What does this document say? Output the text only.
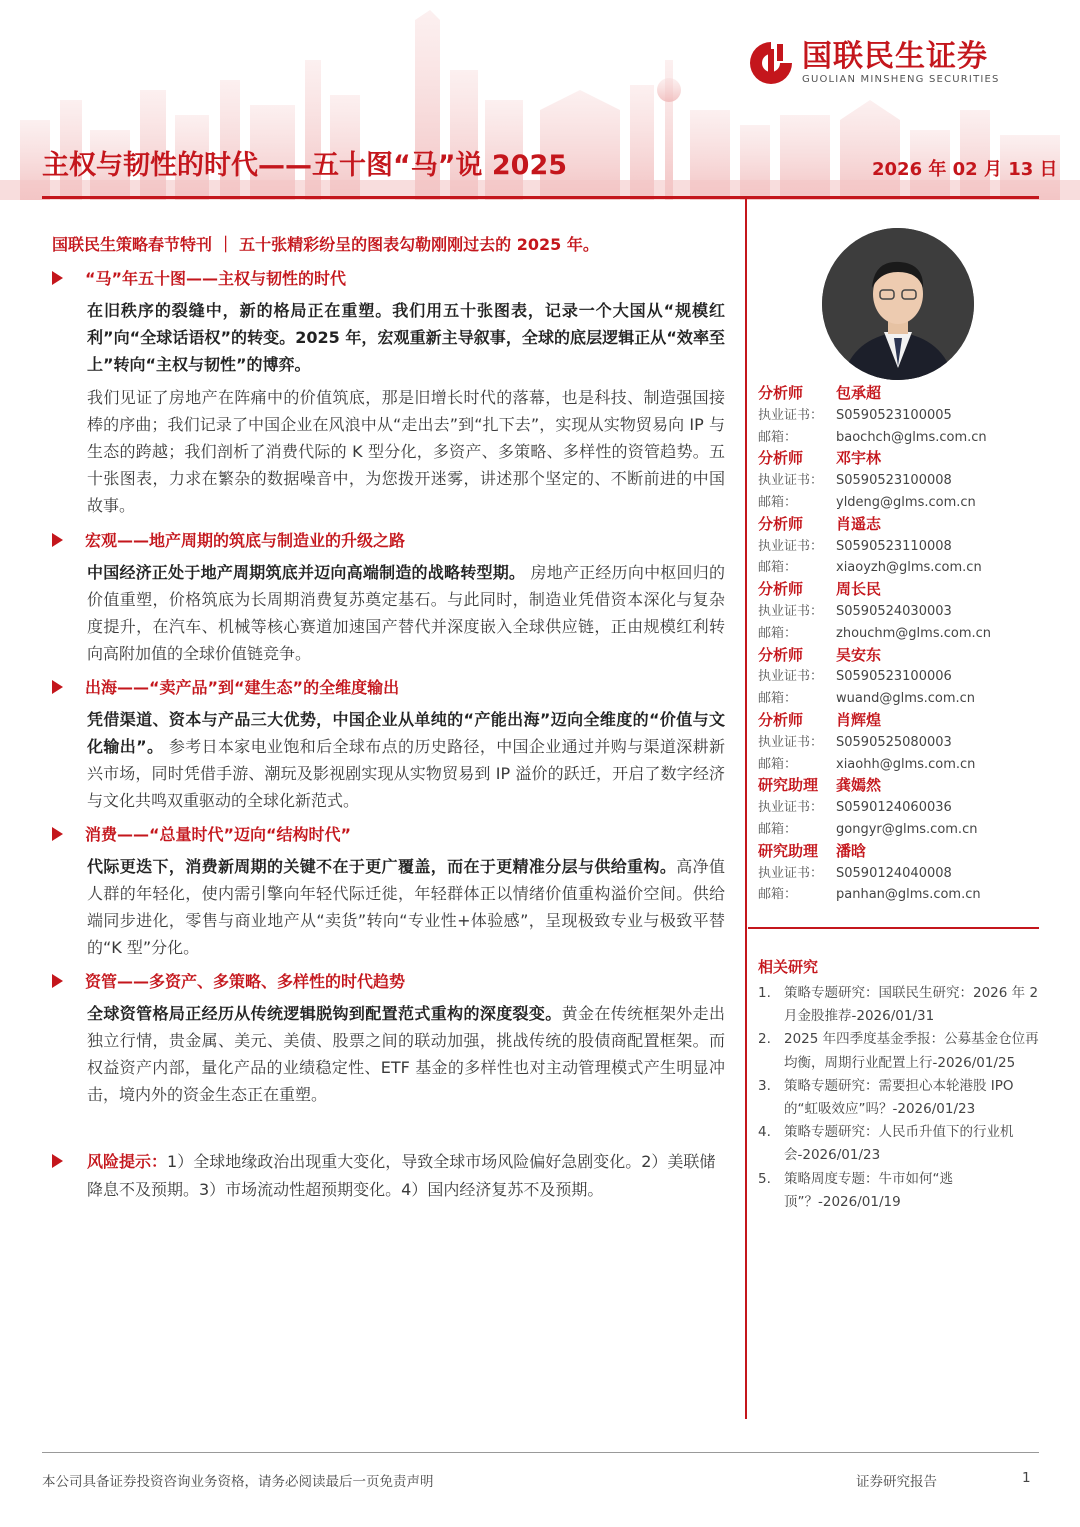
国联民生证券
GUOLIAN MINSHENG SECURITIES
主权与韧性的时代——五十图“马”说 2025	2026 年 02 月 13 日
国联民生策略春节特刊 ｜ 五十张精彩纷呈的图表勾勒刚刚过去的 2025 年。
“马”年五十图——主权与韧性的时代
在旧秩序的裂缝中，新的格局正在重塑。我们用五十张图表，记录一个大国从“规模红利”向“全球话语权”的转变。2025 年，宏观重新主导叙事，全球的底层逻辑正从“效率至上”转向“主权与韧性”的博弈。
我们见证了房地产在阵痛中的价值筑底，那是旧增长时代的落幕，也是科技、制造强国接棒的序曲；我们记录了中国企业在风浪中从“走出去”到“扎下去”，实现从实物贸易向 IP 与生态的跨越；我们剖析了消费代际的 K 型分化，多资产、多策略、多样性的资管趋势。五十张图表，力求在繁杂的数据噪音中，为您拨开迷雾，讲述那个坚定的、不断前进的中国故事。
宏观——地产周期的筑底与制造业的升级之路
中国经济正处于地产周期筑底并迈向高端制造的战略转型期。 房地产正经历向中枢回归的价值重塑，价格筑底为长周期消费复苏奠定基石。与此同时，制造业凭借资本深化与复杂度提升，在汽车、机械等核心赛道加速国产替代并深度嵌入全球供应链，正由规模红利转向高附加值的全球价值链竞争。
出海——“卖产品”到“建生态”的全维度输出
凭借渠道、资本与产品三大优势，中国企业从单纯的“产能出海”迈向全维度的“价值与文化输出”。 参考日本家电业饱和后全球布点的历史路径，中国企业通过并购与渠道深耕新兴市场，同时凭借手游、潮玩及影视剧实现从实物贸易到 IP 溢价的跃迁，开启了数字经济与文化共鸣双重驱动的全球化新范式。
消费——“总量时代”迈向“结构时代”
代际更迭下，消费新周期的关键不在于更广覆盖，而在于更精准分层与供给重构。高净值人群的年轻化，使内需引擎向年轻代际迁徙，年轻群体正以情绪价值重构溢价空间。供给端同步进化，零售与商业地产从“卖货”转向“专业性+体验感”，呈现极致专业与极致平替的“K 型”分化。
资管——多资产、多策略、多样性的时代趋势
全球资管格局正经历从传统逻辑脱钩到配置范式重构的深度裂变。黄金在传统框架外走出独立行情，贵金属、美元、美债、股票之间的联动加强，挑战传统的股债商配置框架。而权益资产内部，量化产品的业绩稳定性、ETF 基金的多样性也对主动管理模式产生明显冲击，境内外的资金生态正在重塑。
风险提示：1）全球地缘政治出现重大变化，导致全球市场风险偏好急剧变化。2）美联储降息不及预期。3）市场流动性超预期变化。4）国内经济复苏不及预期。
分析师 包承超
执业证书： S0590523100005
邮箱：	baochch@glms.com.cn
分析师 邓宇林
执业证书： S0590523100008
邮箱：	yldeng@glms.com.cn
分析师 肖遥志
执业证书： S0590523110008
邮箱：	xiaoyzh@glms.com.cn
分析师 周长民
执业证书： S0590524030003
邮箱：	zhouchm@glms.com.cn
分析师 吴安东
执业证书： S0590523100006
邮箱：	wuand@glms.com.cn
分析师 肖辉煌
执业证书： S0590525080003
邮箱：	xiaohh@glms.com.cn
研究助理 龚嫣然
执业证书： S0590124060036
邮箱：	gongyr@glms.com.cn
研究助理 潘晗
执业证书： S0590124040008
邮箱：	panhan@glms.com.cn
相关研究
1. 策略专题研究：国联民生研究：2026 年 2 月金股推荐-2026/01/31
2. 2025 年四季度基金季报：公募基金仓位再均衡，周期行业配置上行-2026/01/25
3. 策略专题研究：需要担心本轮港股 IPO 的“虹吸效应”吗？-2026/01/23
4. 策略专题研究：人民币升值下的行业机会-2026/01/23
5. 策略周度专题：牛市如何“逃顶”？-2026/01/19
本公司具备证券投资咨询业务资格，请务必阅读最后一页免责声明	证券研究报告	1
